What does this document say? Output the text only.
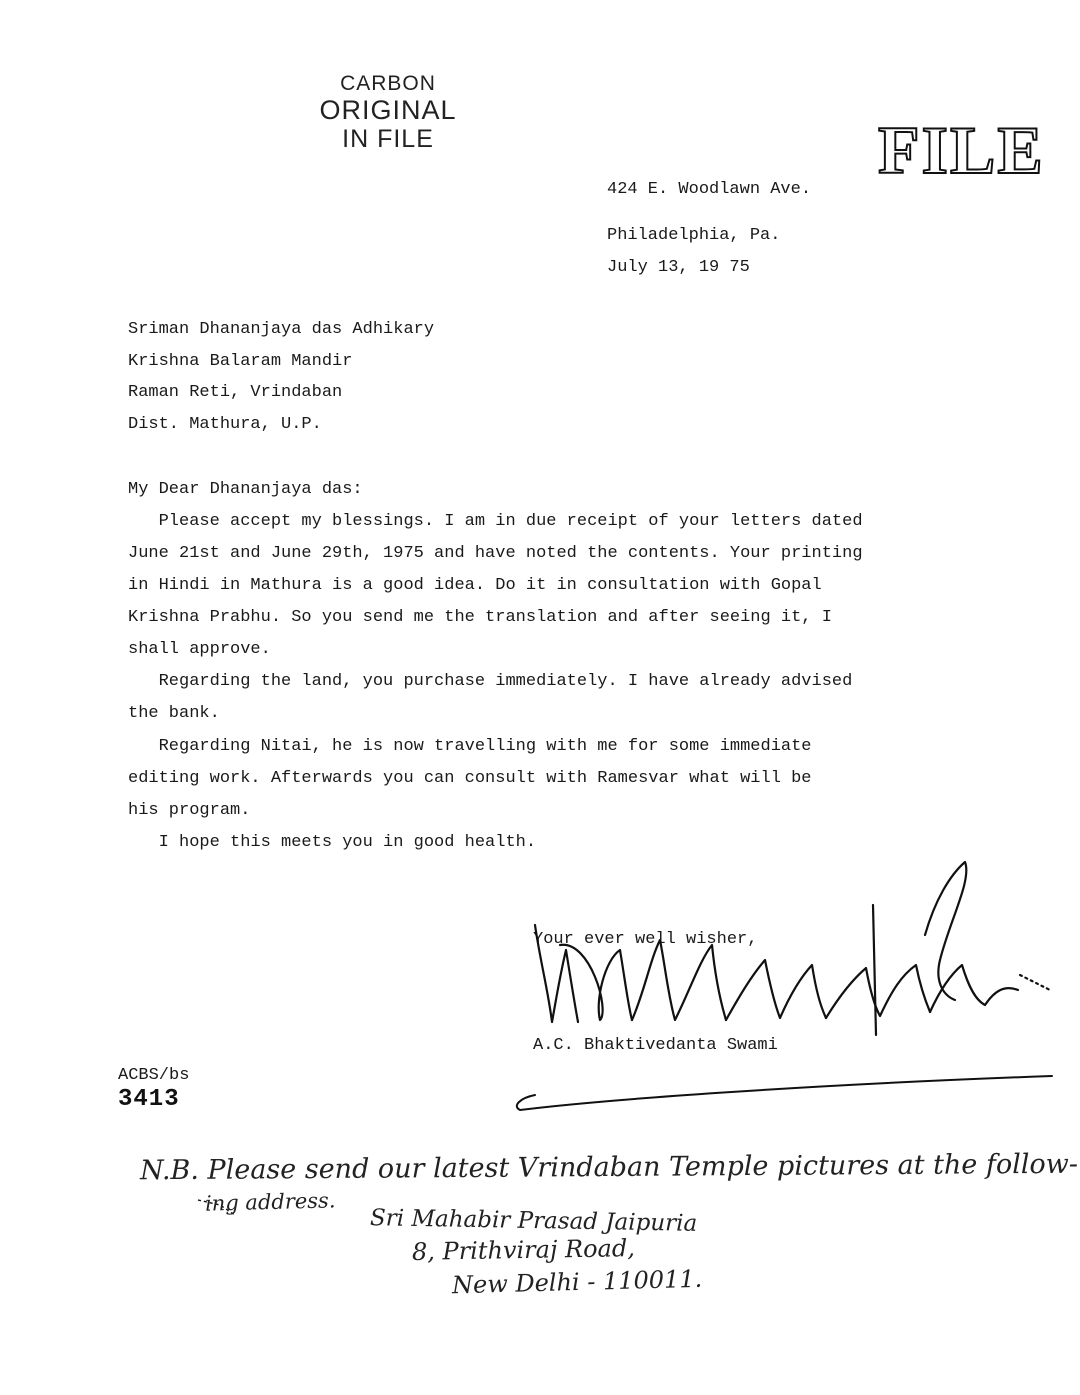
CARBON
ORIGINAL
IN FILE	FILE
424 E. Woodlawn Ave.
Philadelphia, Pa.
July 13, 19 75
Sriman Dhananjaya das Adhikary
Krishna Balaram Mandir
Raman Reti, Vrindaban
Dist. Mathura, U.P.
My Dear Dhananjaya das:
Please accept my blessings. I am in due receipt of your letters dated
June 21st and June 29th, 1975 and have noted the contents. Your printing
in Hindi in Mathura is a good idea. Do it in consultation with Gopal
Krishna Prabhu. So you send me the translation and after seeing it, I
shall approve.
Regarding the land, you purchase immediately. I have already advised
the bank.
Regarding Nitai, he is now travelling with me for some immediate
editing work. Afterwards you can consult with Ramesvar what will be
his program.
I hope this meets you in good health.
Your ever well wisher,
A.C. Bhaktivedanta Swami
ACBS/bs
3413
N.B. Please send our latest Vrindaban Temple pictures at the follow-
ing address.
Sri Mahabir Prasad Jaipuria
8, Prithviraj Road,
New Delhi - 110011.
